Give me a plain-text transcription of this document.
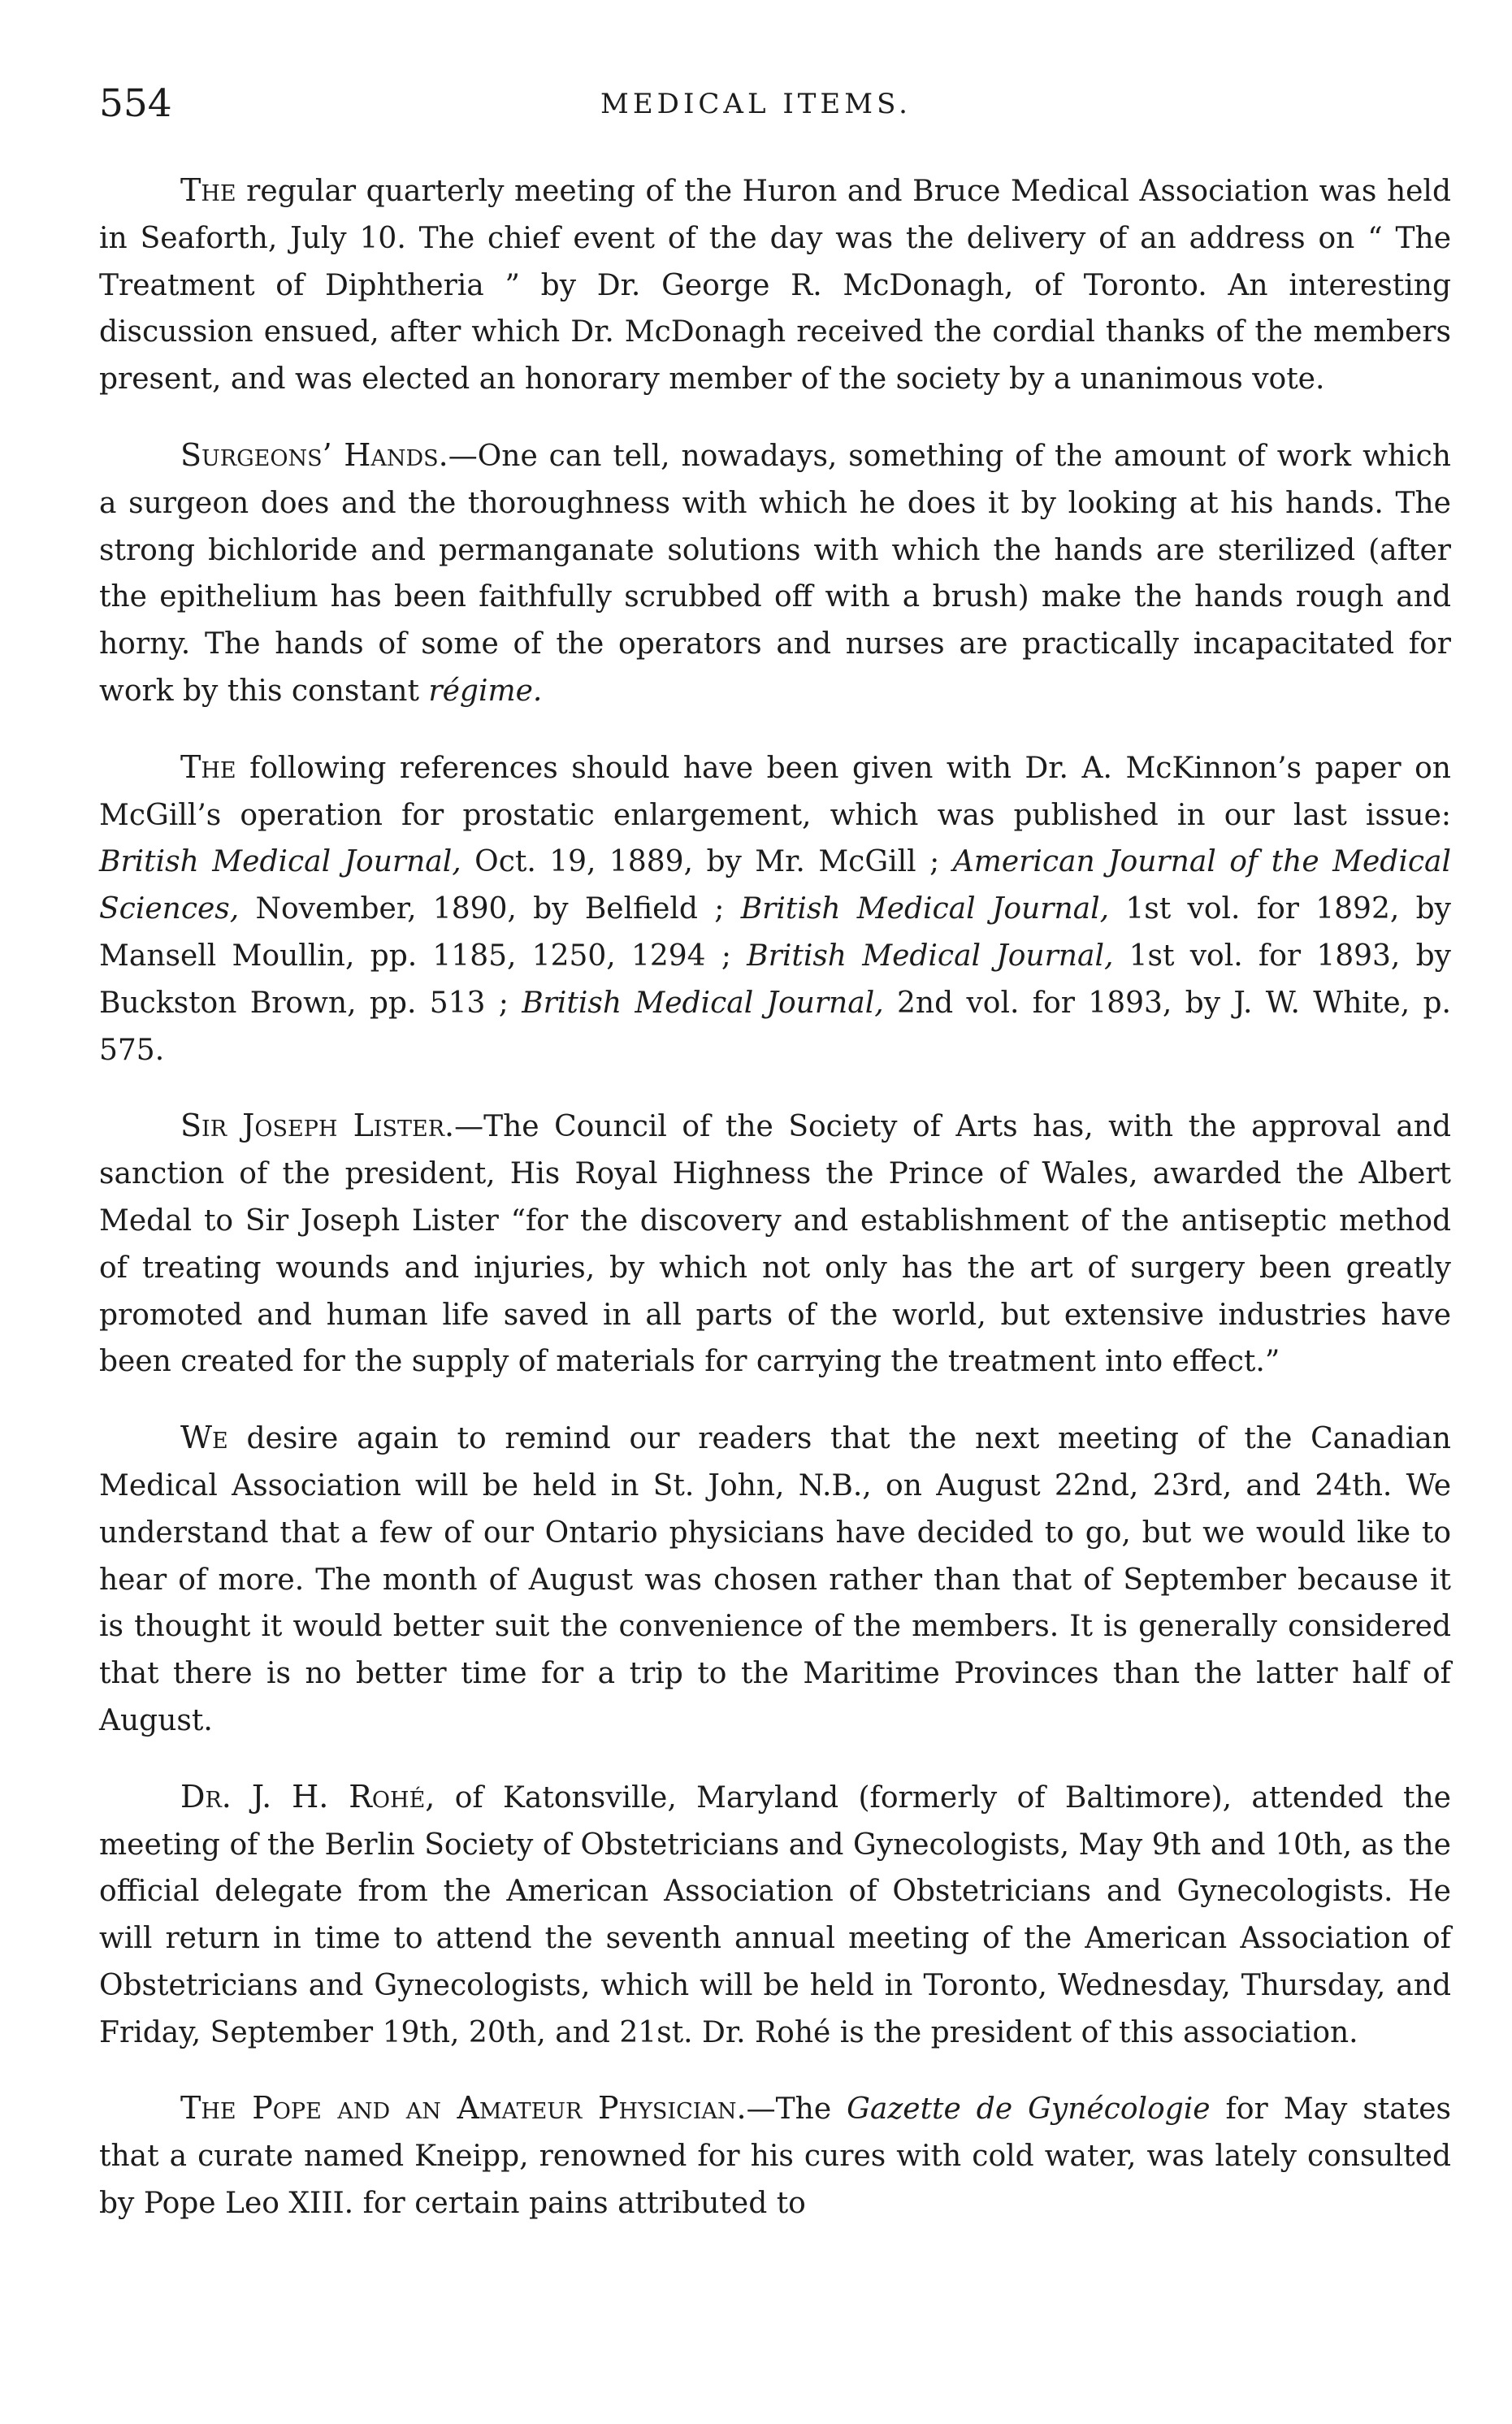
554	MEDICAL ITEMS.

The regular quarterly meeting of the Huron and Bruce Medical Association was held in Seaforth, July 10. The chief event of the day was the delivery of an address on “ The Treatment of Diphtheria ” by Dr. George R. McDonagh, of Toronto. An interesting discussion ensued, after which Dr. McDonagh received the cordial thanks of the members present, and was elected an honorary member of the society by a unanimous vote.

Surgeons’ Hands.—One can tell, nowadays, something of the amount of work which a surgeon does and the thoroughness with which he does it by looking at his hands. The strong bichloride and permanganate solutions with which the hands are sterilized (after the epithelium has been faithfully scrubbed off with a brush) make the hands rough and horny. The hands of some of the operators and nurses are practically incapacitated for work by this constant régime.

The following references should have been given with Dr. A. McKinnon’s paper on McGill’s operation for prostatic enlargement, which was published in our last issue: British Medical Journal, Oct. 19, 1889, by Mr. McGill ; American Journal of the Medical Sciences, November, 1890, by Belfield ; British Medical Journal, 1st vol. for 1892, by Mansell Moullin, pp. 1185, 1250, 1294 ; British Medical Journal, 1st vol. for 1893, by Buckston Brown, pp. 513 ; British Medical Journal, 2nd vol. for 1893, by J. W. White, p. 575.

Sir Joseph Lister.—The Council of the Society of Arts has, with the approval and sanction of the president, His Royal Highness the Prince of Wales, awarded the Albert Medal to Sir Joseph Lister “for the discovery and establishment of the antiseptic method of treating wounds and injuries, by which not only has the art of surgery been greatly promoted and human life saved in all parts of the world, but extensive industries have been created for the supply of materials for carrying the treatment into effect.”

We desire again to remind our readers that the next meeting of the Canadian Medical Association will be held in St. John, N.B., on August 22nd, 23rd, and 24th. We understand that a few of our Ontario physicians have decided to go, but we would like to hear of more. The month of August was chosen rather than that of September because it is thought it would better suit the convenience of the members. It is generally considered that there is no better time for a trip to the Maritime Provinces than the latter half of August.

Dr. J. H. Rohé, of Katonsville, Maryland (formerly of Baltimore), attended the meeting of the Berlin Society of Obstetricians and Gynecologists, May 9th and 10th, as the official delegate from the American Association of Obstetricians and Gynecologists. He will return in time to attend the seventh annual meeting of the American Association of Obstetricians and Gynecologists, which will be held in Toronto, Wednesday, Thursday, and Friday, September 19th, 20th, and 21st. Dr. Rohé is the president of this association.

The Pope and an Amateur Physician.—The Gazette de Gynécologie for May states that a curate named Kneipp, renowned for his cures with cold water, was lately consulted by Pope Leo XIII. for certain pains attributed to
